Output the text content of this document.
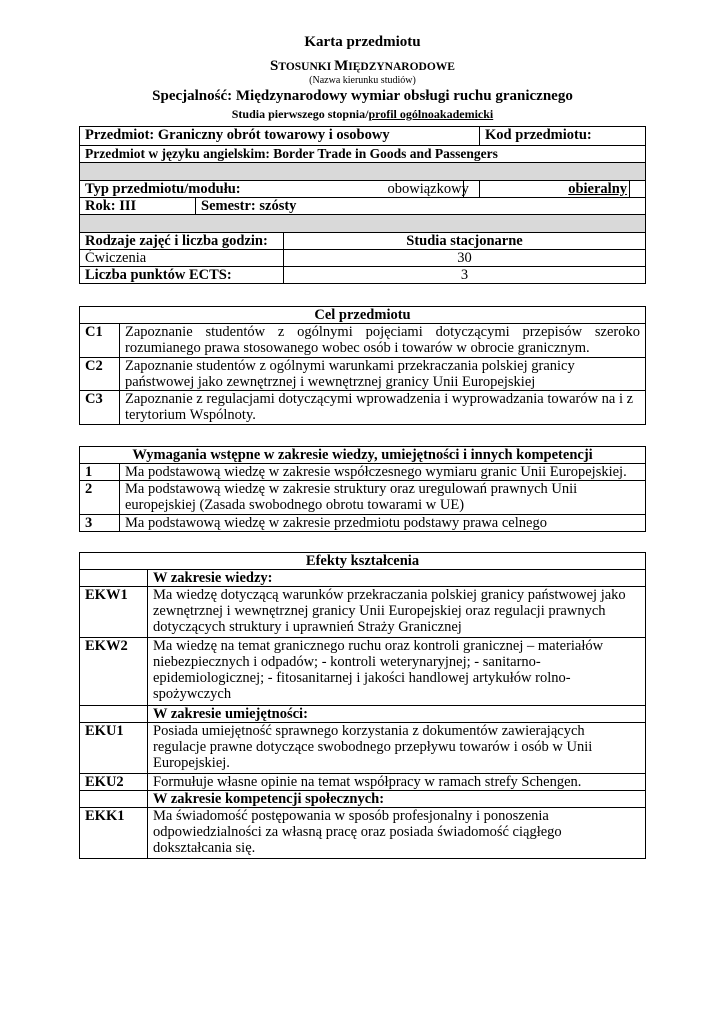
Karta przedmiotu
STOSUNKI MIĘDZYNARODOWE
(Nazwa kierunku studiów)
Specjalność: Międzynarodowy wymiar obsługi ruchu granicznego
Studia pierwszego stopnia/profil ogólnoakademicki
Przedmiot: Graniczny obrót towarowy i osobowy				Kod przedmiotu:	
Przedmiot w języku angielskim: Border Trade in Goods and Passengers					

Typ przedmiotu/modułu:		obowiązkowy		obieralny	
Rok: III	Semestr: szósty				

Rodzaje zajęć i liczba godzin:	Studia stacjonarne
Ćwiczenia	30
Liczba punktów ECTS:	3
Cel przedmiotu	
C1	Zapoznanie studentów z ogólnymi pojęciami dotyczącymi przepisów szeroko rozumianego prawa stosowanego wobec osób i towarów w obrocie granicznym.
C2	Zapoznanie studentów z ogólnymi warunkami przekraczania polskiej granicy państwowej jako zewnętrznej i wewnętrznej granicy Unii Europejskiej
C3	Zapoznanie z regulacjami dotyczącymi wprowadzenia i wyprowadzania towarów na i z terytorium Wspólnoty.
Wymagania wstępne w zakresie wiedzy, umiejętności i innych kompetencji	
1	Ma podstawową wiedzę w zakresie współczesnego wymiaru granic Unii Europejskiej.
2	Ma podstawową wiedzę w zakresie struktury oraz uregulowań prawnych Unii europejskiej (Zasada swobodnego obrotu towarami w UE)
3	Ma podstawową wiedzę w zakresie przedmiotu podstawy prawa celnego
Efekty kształcenia	
	W zakresie wiedzy:
EKW1	Ma wiedzę dotyczącą warunków przekraczania polskiej granicy państwowej jako zewnętrznej i wewnętrznej granicy Unii Europejskiej oraz regulacji prawnych dotyczących struktury i uprawnień Straży Granicznej
EKW2	Ma wiedzę na temat granicznego ruchu oraz kontroli granicznej – materiałów niebezpiecznych i odpadów; - kontroli weterynaryjnej; - sanitarno-epidemiologicznej; - fitosanitarnej i jakości handlowej artykułów rolno-spożywczych
	W zakresie umiejętności:
EKU1	Posiada umiejętność sprawnego korzystania z dokumentów zawierających regulacje prawne dotyczące swobodnego przepływu towarów i osób w Unii Europejskiej.
EKU2	Formułuje własne opinie na temat współpracy w ramach strefy Schengen.
	W zakresie kompetencji społecznych:
EKK1	Ma świadomość postępowania w sposób profesjonalny i ponoszenia odpowiedzialności za własną pracę oraz posiada świadomość ciągłego dokształcania się.
